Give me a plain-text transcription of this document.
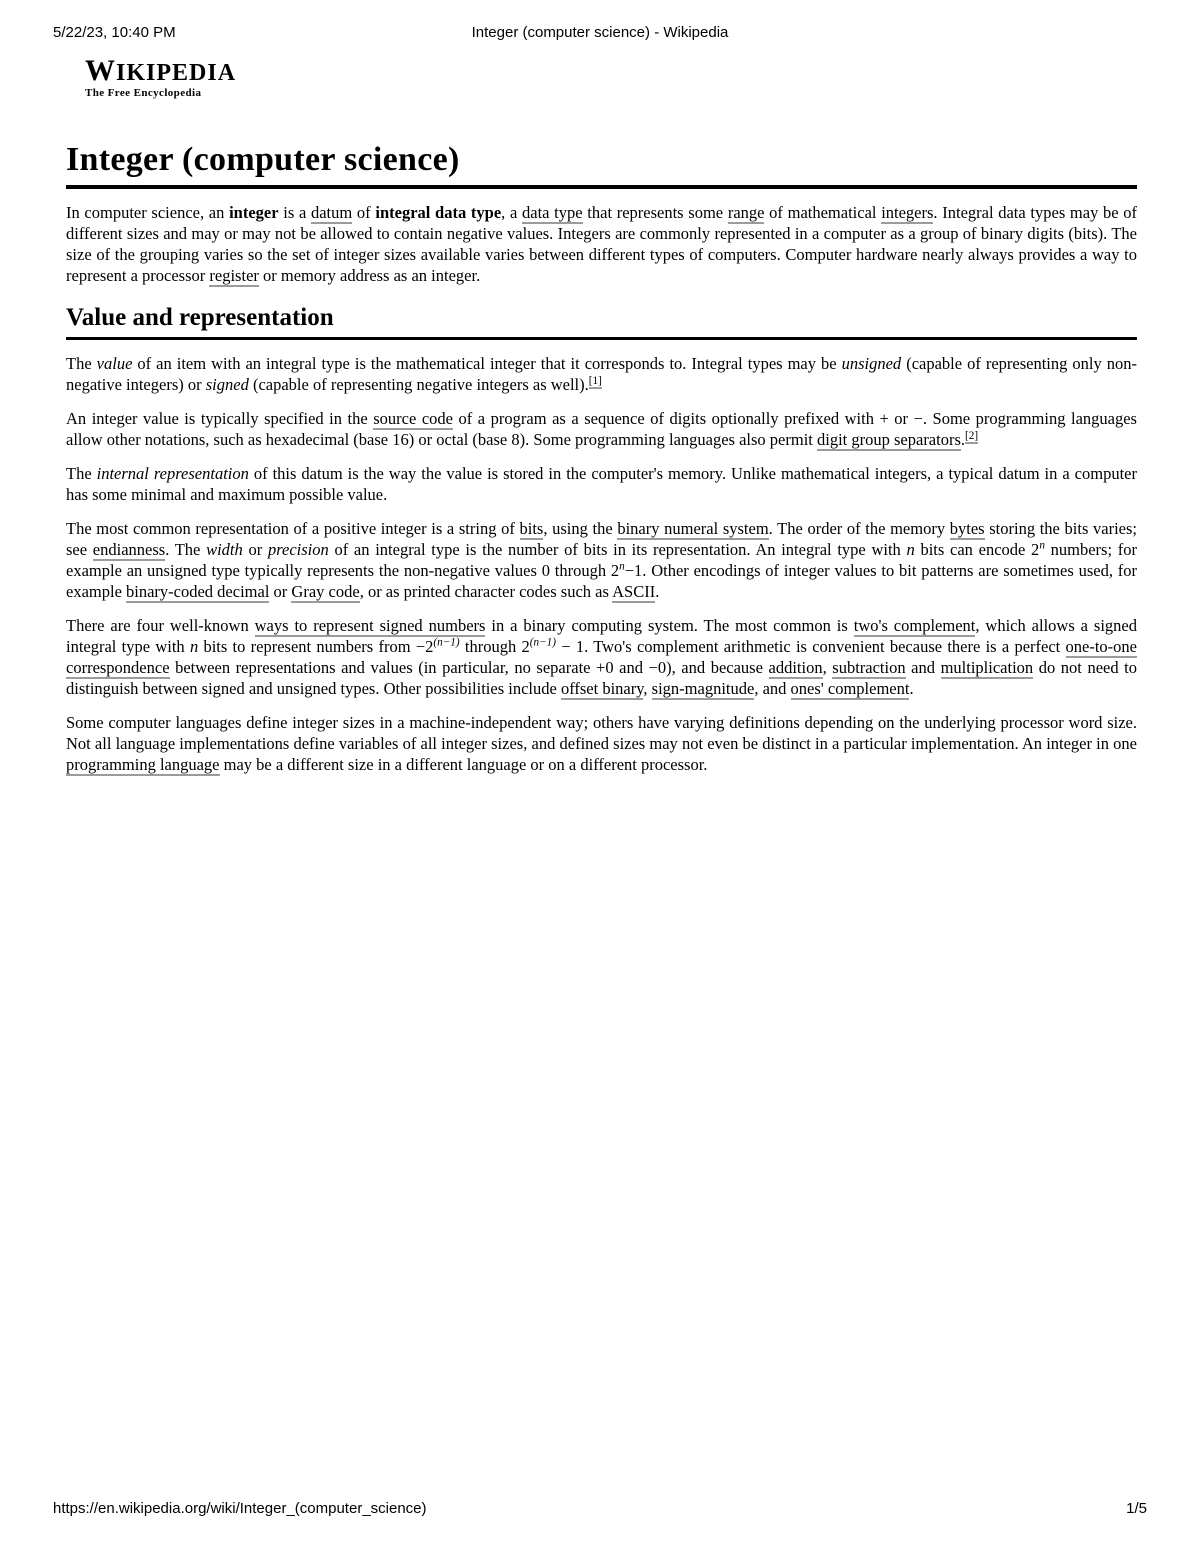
5/22/23, 10:40 PM	Integer (computer science) - Wikipedia
WIKIPEDIA
The Free Encyclopedia
Integer (computer science)

In computer science, an integer is a datum of integral data type, a data type that represents some range of mathematical integers. Integral data types may be of different sizes and may or may not be allowed to contain negative values. Integers are commonly represented in a computer as a group of binary digits (bits). The size of the grouping varies so the set of integer sizes available varies between different types of computers. Computer hardware nearly always provides a way to represent a processor register or memory address as an integer.

Value and representation

The value of an item with an integral type is the mathematical integer that it corresponds to. Integral types may be unsigned (capable of representing only non-negative integers) or signed (capable of representing negative integers as well).[1]

An integer value is typically specified in the source code of a program as a sequence of digits optionally prefixed with + or −. Some programming languages allow other notations, such as hexadecimal (base 16) or octal (base 8). Some programming languages also permit digit group separators.[2]

The internal representation of this datum is the way the value is stored in the computer's memory. Unlike mathematical integers, a typical datum in a computer has some minimal and maximum possible value.

The most common representation of a positive integer is a string of bits, using the binary numeral system. The order of the memory bytes storing the bits varies; see endianness. The width or precision of an integral type is the number of bits in its representation. An integral type with n bits can encode 2$^n$ numbers; for example an unsigned type typically represents the non-negative values 0 through $2^n-1$. Other encodings of integer values to bit patterns are sometimes used, for example binary-coded decimal or Gray code, or as printed character codes such as ASCII.

There are four well-known ways to represent signed numbers in a binary computing system. The most common is two's complement, which allows a signed integral type with n bits to represent numbers from $-2^{(n-1)}$ through $2^{(n-1)} - 1$. Two's complement arithmetic is convenient because there is a perfect one-to-one correspondence between representations and values (in particular, no separate +0 and −0), and because addition, subtraction and multiplication do not need to distinguish between signed and unsigned types. Other possibilities include offset binary, sign-magnitude, and ones' complement.

Some computer languages define integer sizes in a machine-independent way; others have varying definitions depending on the underlying processor word size. Not all language implementations define variables of all integer sizes, and defined sizes may not even be distinct in a particular implementation. An integer in one programming language may be a different size in a different language or on a different processor.

https://en.wikipedia.org/wiki/Integer_(computer_science)	1/5
